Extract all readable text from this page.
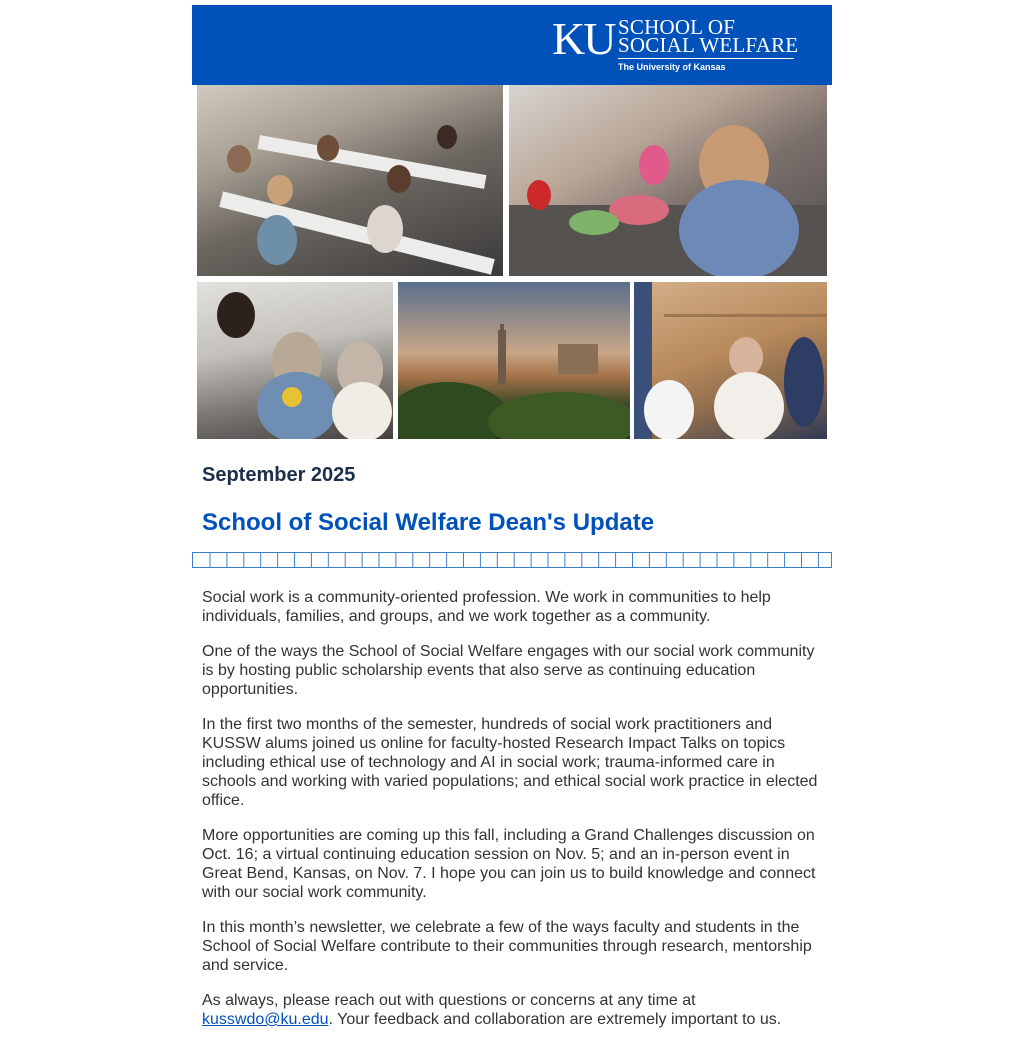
KU SCHOOL OF
SOCIAL WELFARE
The University of Kansas
September 2025
School of Social Welfare Dean's Update

Social work is a community-oriented profession. We work in communities to help individuals, families, and groups, and we work together as a community.

One of the ways the School of Social Welfare engages with our social work community is by hosting public scholarship events that also serve as continuing education opportunities.

In the first two months of the semester, hundreds of social work practitioners and KUSSW alums joined us online for faculty-hosted Research Impact Talks on topics including ethical use of technology and AI in social work; trauma-informed care in schools and working with varied populations; and ethical social work practice in elected office.

More opportunities are coming up this fall, including a Grand Challenges discussion on Oct. 16; a virtual continuing education session on Nov. 5; and an in-person event in Great Bend, Kansas, on Nov. 7. I hope you can join us to build knowledge and connect with our social work community.

In this month’s newsletter, we celebrate a few of the ways faculty and students in the School of Social Welfare contribute to their communities through research, mentorship and service.

As always, please reach out with questions or concerns at any time at
kusswdo@ku.edu. Your feedback and collaboration are extremely important to us.
